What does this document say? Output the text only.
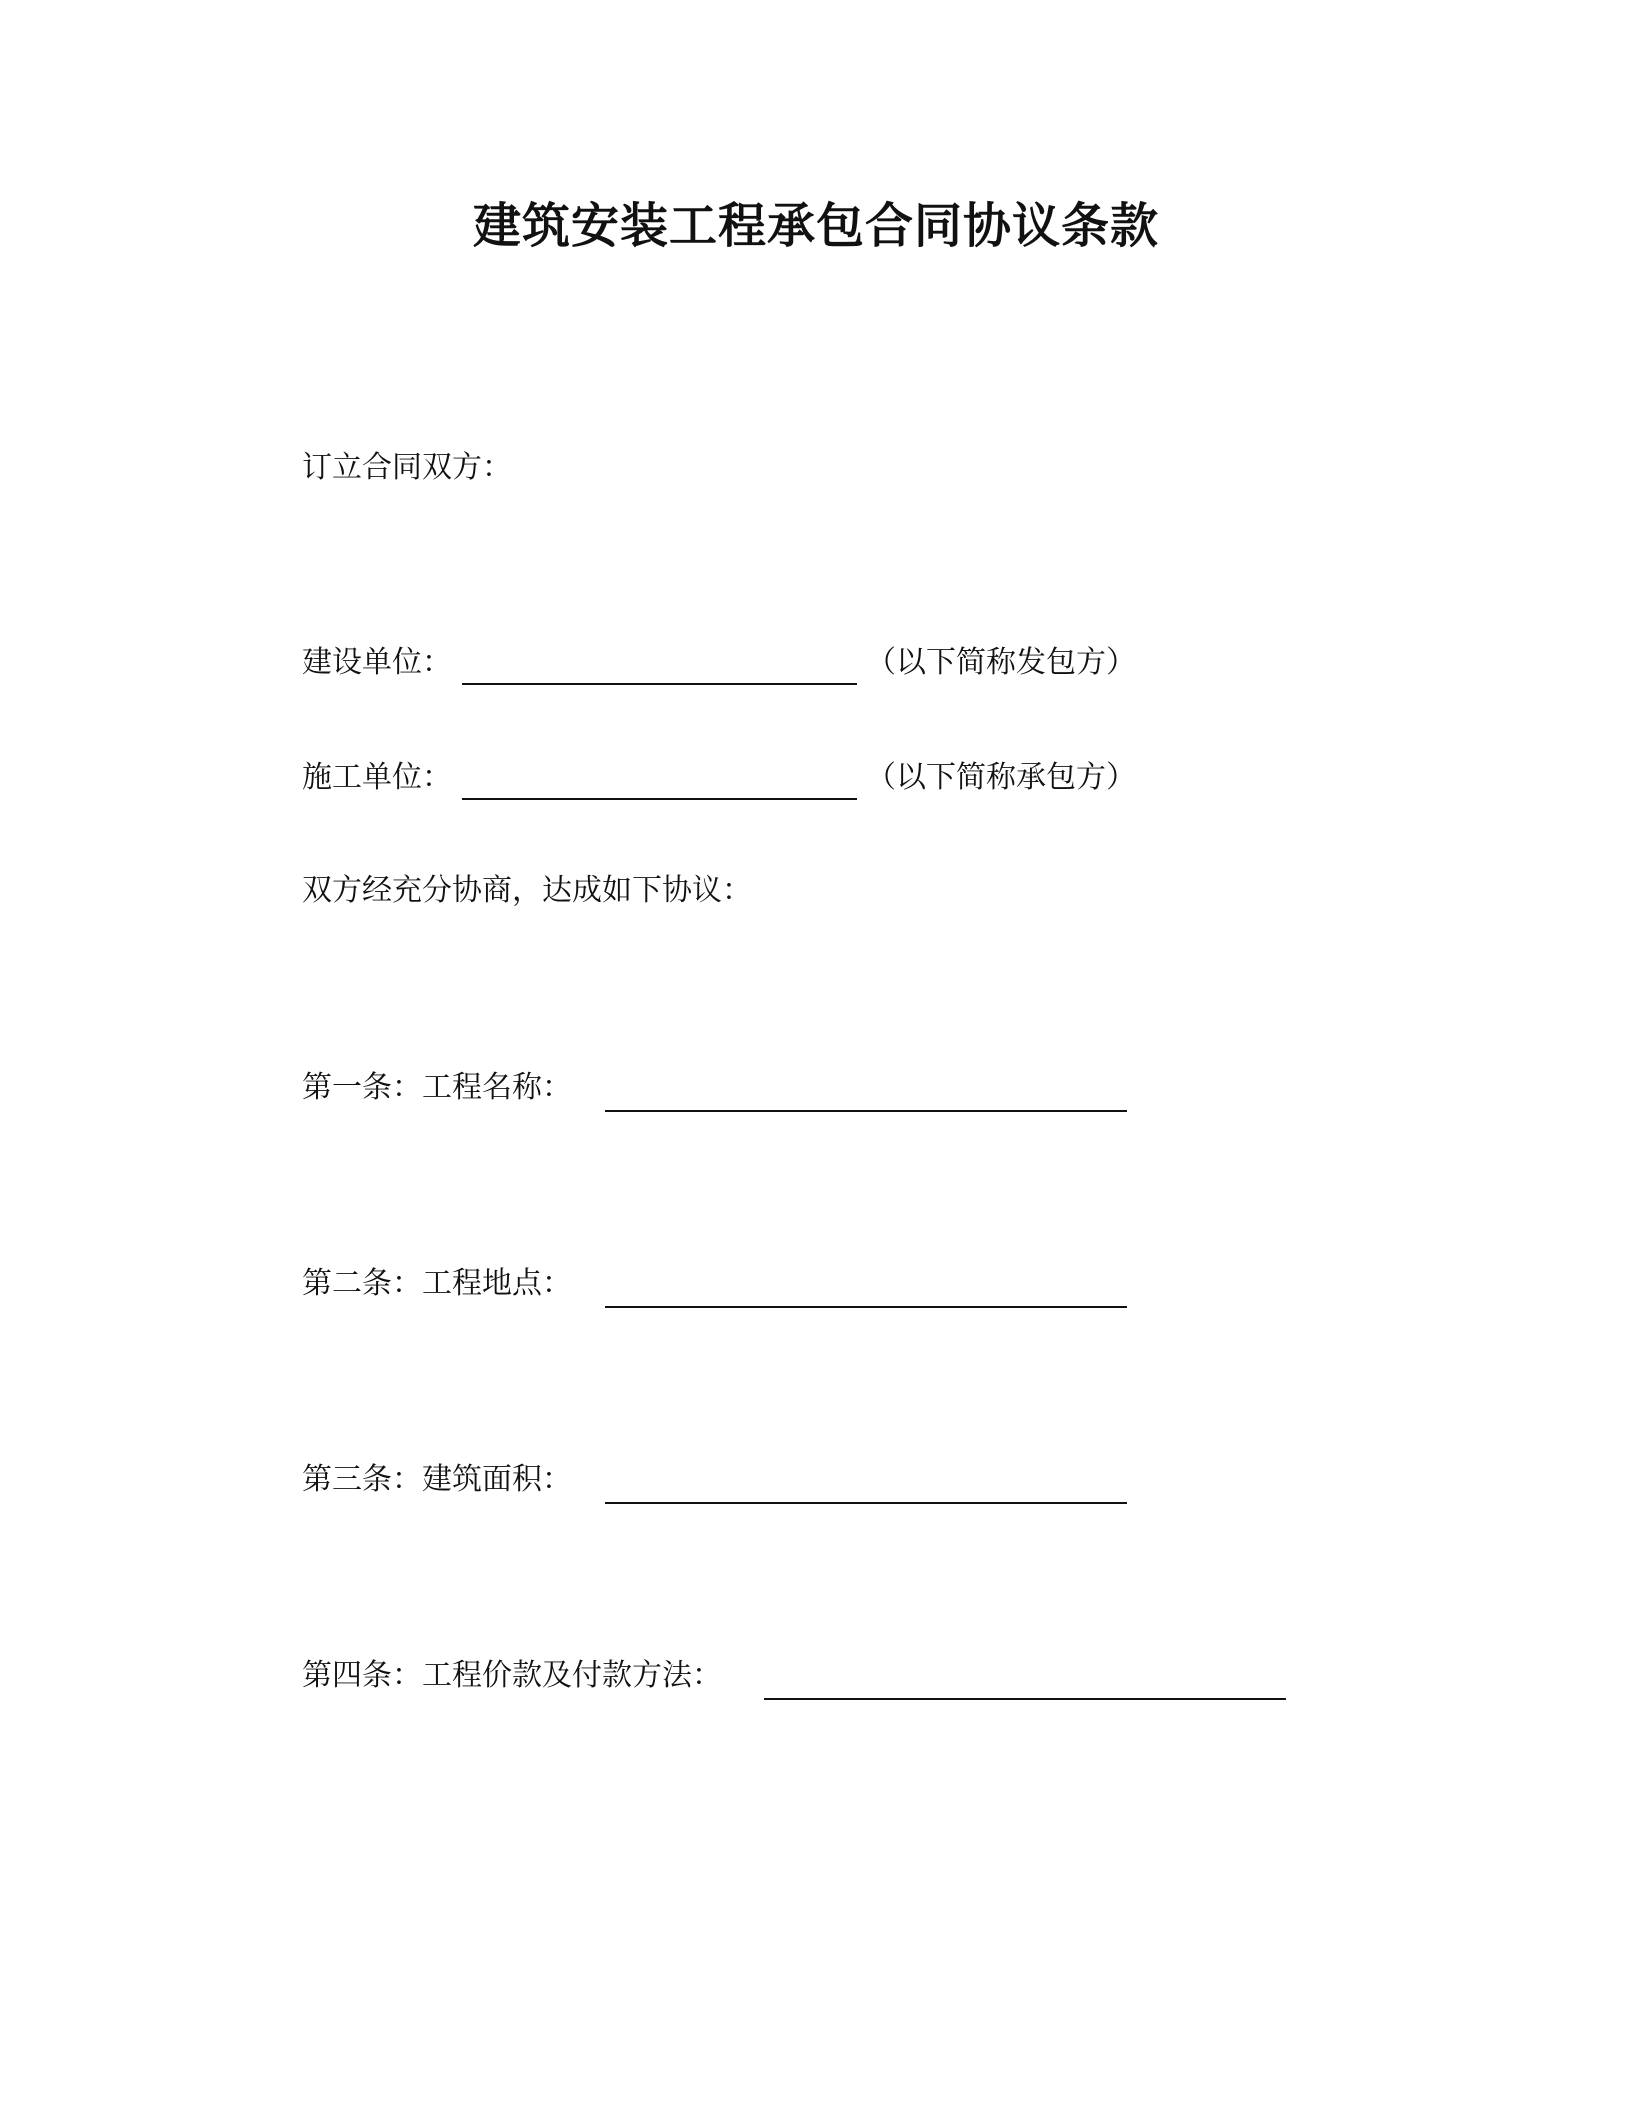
建筑安装工程承包合同协议条款
订立合同双方：
建设单位：	（以下简称发包方）
施工单位：	（以下简称承包方）
双方经充分协商，达成如下协议：
第一条：工程名称：
第二条：工程地点：
第三条：建筑面积：
第四条：工程价款及付款方法：
